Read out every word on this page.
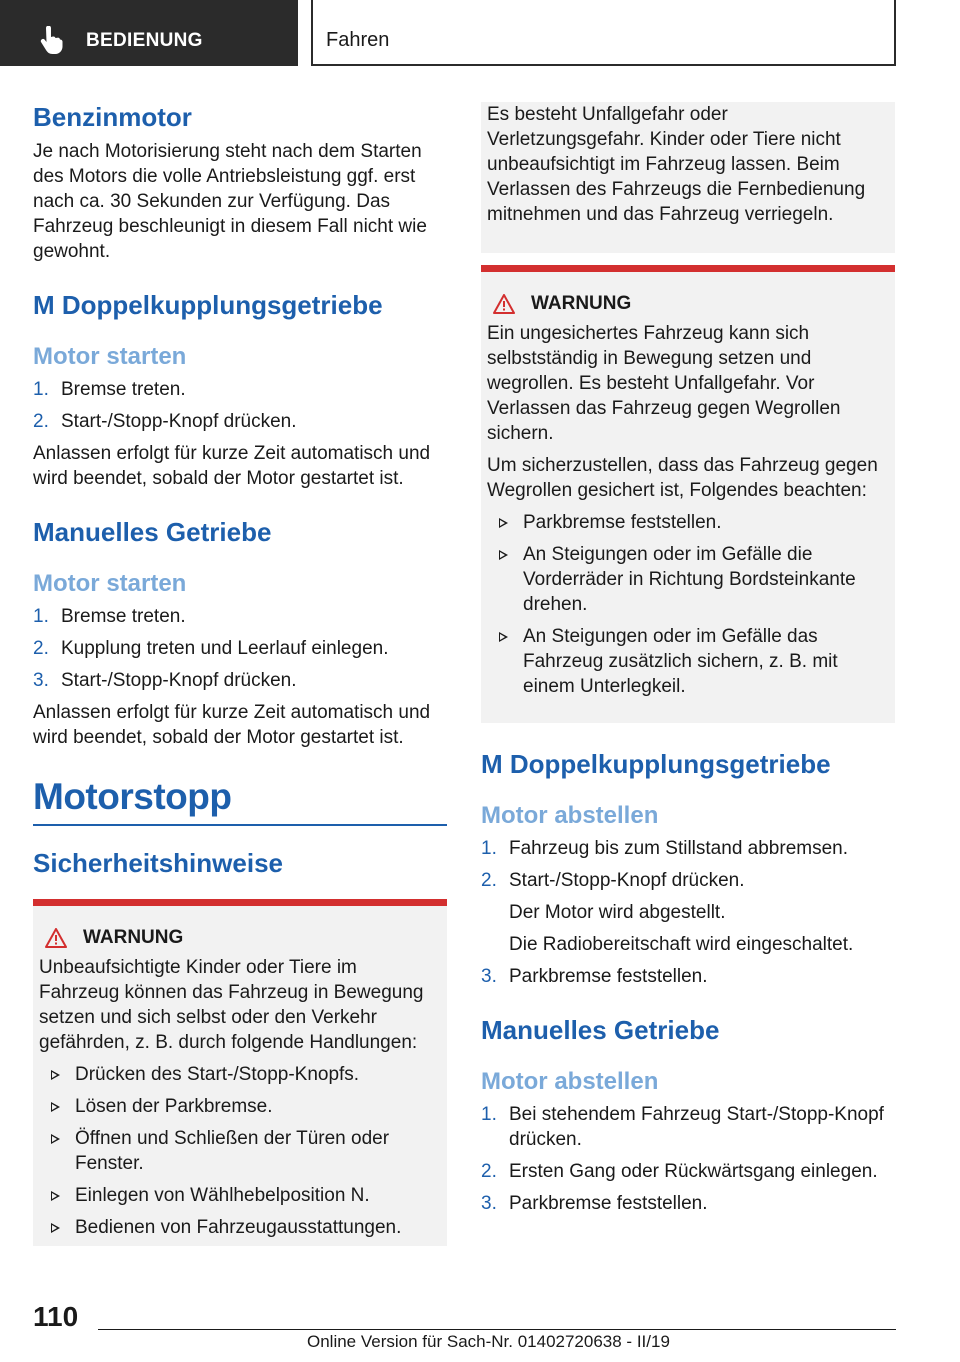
BEDIENUNG	Fahren
Benzinmotor

Je nach Motorisierung steht nach dem Starten des Motors die volle Antriebsleistung ggf. erst nach ca. 30 Sekunden zur Verfügung. Das Fahrzeug beschleunigt in diesem Fall nicht wie gewohnt.

M Doppelkupplungsgetriebe
Motor starten
1. Bremse treten.
2. Start-/Stopp-Knopf drücken.

Anlassen erfolgt für kurze Zeit automatisch und wird beendet, sobald der Motor gestartet ist.

Manuelles Getriebe
Motor starten
1. Bremse treten.
2. Kupplung treten und Leerlauf einlegen.
3. Start-/Stopp-Knopf drücken.

Anlassen erfolgt für kurze Zeit automatisch und wird beendet, sobald der Motor gestartet ist.

Motorstopp
Sicherheitshinweise
WARNUNG

Unbeaufsichtigte Kinder oder Tiere im Fahrzeug können das Fahrzeug in Bewegung setzen und sich selbst oder den Verkehr gefährden, z. B. durch folgende Handlungen:

Drücken des Start-/Stopp-Knopfs.
Lösen der Parkbremse.
Öffnen und Schließen der Türen oder Fenster.
Einlegen von Wählhebelposition N.
Bedienen von Fahrzeugausstattungen.

Es besteht Unfallgefahr oder Verletzungsgefahr. Kinder oder Tiere nicht unbeaufsichtigt im Fahrzeug lassen. Beim Verlassen des Fahrzeugs die Fernbedienung mitnehmen und das Fahrzeug verriegeln.

WARNUNG

Ein ungesichertes Fahrzeug kann sich selbstständig in Bewegung setzen und wegrollen. Es besteht Unfallgefahr. Vor Verlassen das Fahrzeug gegen Wegrollen sichern.

Um sicherzustellen, dass das Fahrzeug gegen Wegrollen gesichert ist, Folgendes beachten:

Parkbremse feststellen.
An Steigungen oder im Gefälle die Vorderräder in Richtung Bordsteinkante drehen.
An Steigungen oder im Gefälle das Fahrzeug zusätzlich sichern, z. B. mit einem Unterlegkeil.
M Doppelkupplungsgetriebe
Motor abstellen
1. Fahrzeug bis zum Stillstand abbremsen.
2. Start-/Stopp-Knopf drücken.
Der Motor wird abgestellt.
Die Radiobereitschaft wird eingeschaltet.
3. Parkbremse feststellen.
Manuelles Getriebe
Motor abstellen
1. Bei stehendem Fahrzeug Start-/Stopp-Knopf drücken.
2. Ersten Gang oder Rückwärtsgang einlegen.
3. Parkbremse feststellen.
110
Online Version für Sach-Nr. 01402720638 - II/19
